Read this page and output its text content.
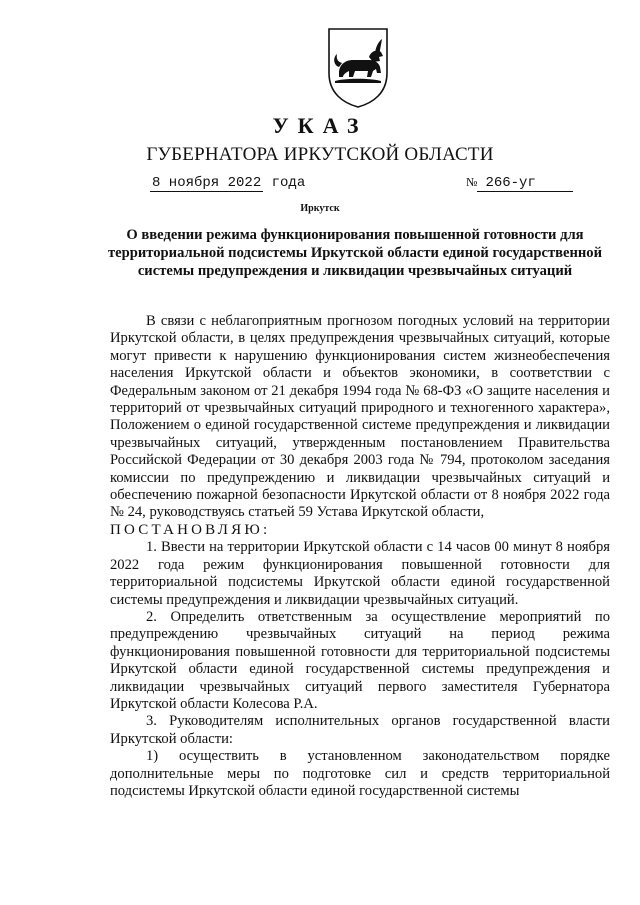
УКАЗ
ГУБЕРНАТОРА ИРКУТСКОЙ ОБЛАСТИ
8 ноября 2022 года	№ 266-уг
Иркутск
О введении режима функционирования повышенной готовности для территориальной подсистемы Иркутской области единой государственной системы предупреждения и ликвидации чрезвычайных ситуаций

В связи с неблагоприятным прогнозом погодных условий на территории Иркутской области, в целях предупреждения чрезвычайных ситуаций, которые могут привести к нарушению функционирования систем жизнеобеспечения населения Иркутской области и объектов экономики, в соответствии с Федеральным законом от 21 декабря 1994 года № 68-ФЗ «О защите населения и территорий от чрезвычайных ситуаций природного и техногенного характера», Положением о единой государственной системе предупреждения и ликвидации чрезвычайных ситуаций, утвержденным постановлением Правительства Российской Федерации от 30 декабря 2003 года № 794, протоколом заседания комиссии по предупреждению и ликвидации чрезвычайных ситуаций и обеспечению пожарной безопасности Иркутской области от 8 ноября 2022 года № 24, руководствуясь статьей 59 Устава Иркутской области,

ПОСТАНОВЛЯЮ:

1. Ввести на территории Иркутской области с 14 часов 00 минут 8 ноября 2022 года режим функционирования повышенной готовности для территориальной подсистемы Иркутской области единой государственной системы предупреждения и ликвидации чрезвычайных ситуаций.

2. Определить ответственным за осуществление мероприятий по предупреждению чрезвычайных ситуаций на период режима функционирования повышенной готовности для территориальной подсистемы Иркутской области единой государственной системы предупреждения и ликвидации чрезвычайных ситуаций первого заместителя Губернатора Иркутской области Колесова Р.А.

3. Руководителям исполнительных органов государственной власти Иркутской области:

1) осуществить в установленном законодательством порядке дополнительные меры по подготовке сил и средств территориальной подсистемы Иркутской области единой государственной системы
